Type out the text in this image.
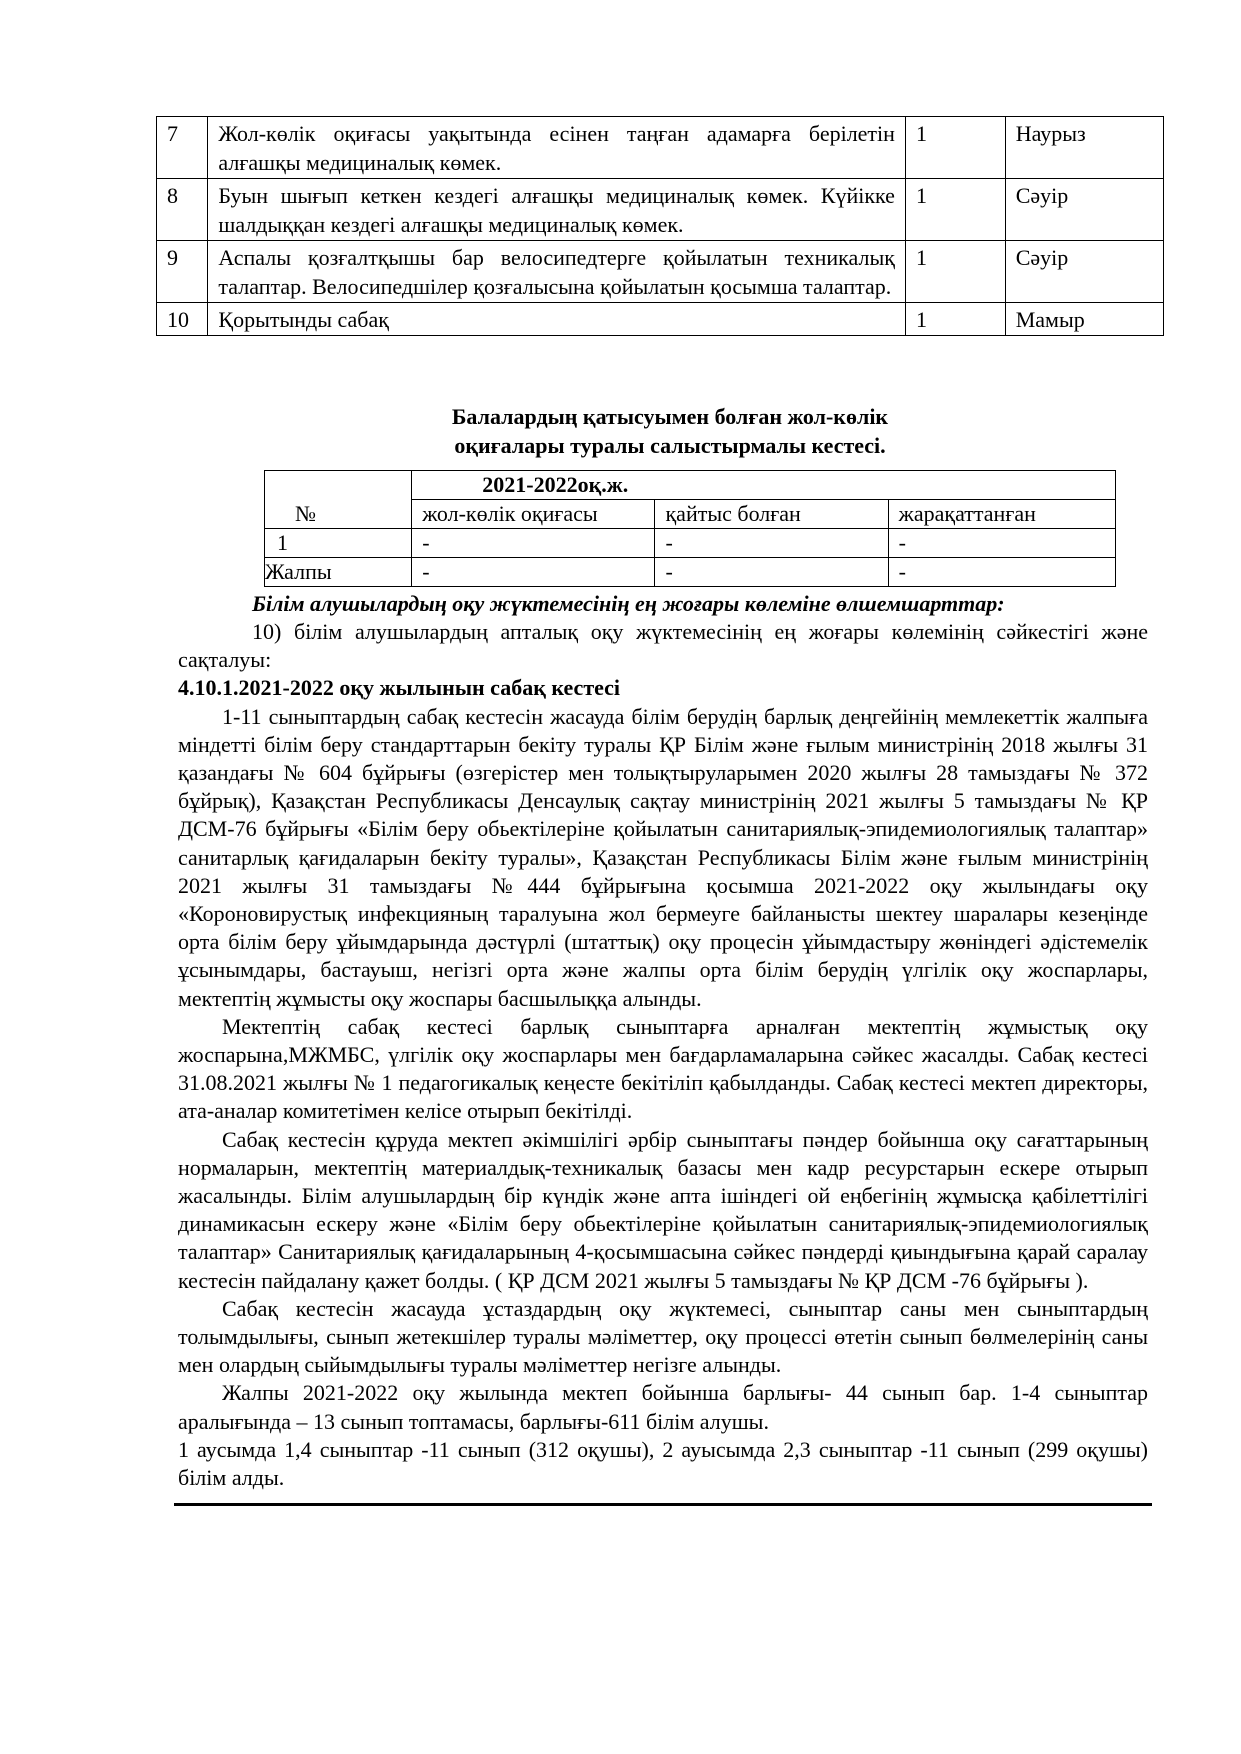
7	Жол-көлік оқиғасы уақытында есінен таңған адамарға берілетін алғашқы медициналық көмек.	1	Наурыз
8	Буын шығып кеткен кездегі алғашқы медициналық көмек. Күйікке шалдыққан кездегі алғашқы медициналық көмек.	1	Сәуір
9	Аспалы қозғалтқышы бар велосипедтерге қойылатын техникалық талаптар. Велосипедшілер қозғалысына қойылатын қосымша талаптар.	1	Сәуір
10	Қорытынды сабақ	1	Мамыр
Балалардың қатысуымен болған жол-көлік
оқиғалары туралы салыстырмалы кестесі.
№	2021-2022оқ.ж.		
	жол-көлік оқиғасы	қайтыс болған	жарақаттанған
1	-	-	-
Жалпы	-	-	-
Білім алушылардың оқу жүктемесінің ең жоғары көлеміне өлшемшарттар:

10) білім алушылардың апталық оқу жүктемесінің ең жоғары көлемінің сәйкестігі және сақталуы:

4.10.1.2021-2022 оқу жылынын сабақ кестесі

1-11 сыныптардың сабақ кестесін жасауда білім берудің барлық деңгейінің мемлекеттік жалпыға міндетті білім беру стандарттарын бекіту туралы ҚР Білім және ғылым министрінің 2018 жылғы 31 қазандағы № 604 бұйрығы (өзгерістер мен толықтыруларымен 2020 жылғы 28 тамыздағы № 372 бұйрық), Қазақстан Республикасы Денсаулық сақтау министрінің 2021 жылғы 5 тамыздағы № ҚР ДСМ-76 бұйрығы «Білім беру обьектілеріне қойылатын санитариялық-эпидемиологиялық талаптар» санитарлық қағидаларын бекіту туралы», Қазақстан Республикасы Білім және ғылым министрінің 2021 жылғы 31 тамыздағы №444 бұйрығына қосымша 2021-2022 оқу жылындағы оқу «Короновирустық инфекцияның таралуына жол бермеуге байланысты шектеу шаралары кезеңінде орта білім беру ұйымдарында дәстүрлі (штаттық) оқу процесін ұйымдастыру жөніндегі әдістемелік ұсынымдары, бастауыш, негізгі орта және жалпы орта білім берудің үлгілік оқу жоспарлары, мектептің жұмысты оқу жоспары басшылыққа алынды.

Мектептің сабақ кестесі барлық сыныптарға арналған мектептің жұмыстық оқу жоспарына,МЖМБС, үлгілік оқу жоспарлары мен бағдарламаларына сәйкес жасалды. Сабақ кестесі 31.08.2021 жылғы № 1 педагогикалық кеңесте бекітіліп қабылданды. Сабақ кестесі мектеп директоры, ата-аналар комитетімен келісе отырып бекітілді.

Сабақ кестесін құруда мектеп әкімшілігі әрбір сыныптағы пәндер бойынша оқу сағаттарының нормаларын, мектептің материалдық-техникалық базасы мен кадр ресурстарын ескере отырып жасалынды. Білім алушылардың бір күндік және апта ішіндегі ой еңбегінің жұмысқа қабілеттілігі динамикасын ескеру және «Білім беру обьектілеріне қойылатын санитариялық-эпидемиологиялық талаптар» Санитариялық қағидаларының 4-қосымшасына сәйкес пәндерді қиындығына қарай саралау кестесін пайдалану қажет болды. ( ҚР ДСМ 2021 жылғы 5 тамыздағы № ҚР ДСМ -76 бұйрығы ).

Сабақ кестесін жасауда ұстаздардың оқу жүктемесі, сыныптар саны мен сыныптардың толымдылығы, сынып жетекшілер туралы мәліметтер, оқу процессі өтетін сынып бөлмелерінің саны мен олардың сыйымдылығы туралы мәліметтер негізге алынды.

Жалпы 2021-2022 оқу жылында мектеп бойынша барлығы- 44 сынып бар. 1-4 сыныптар аралығында – 13 сынып топтамасы, барлығы-611 білім алушы.

1 аусымда 1,4 сыныптар -11 сынып (312 оқушы), 2 ауысымда 2,3 сыныптар -11 сынып (299 оқушы) білім алды.
